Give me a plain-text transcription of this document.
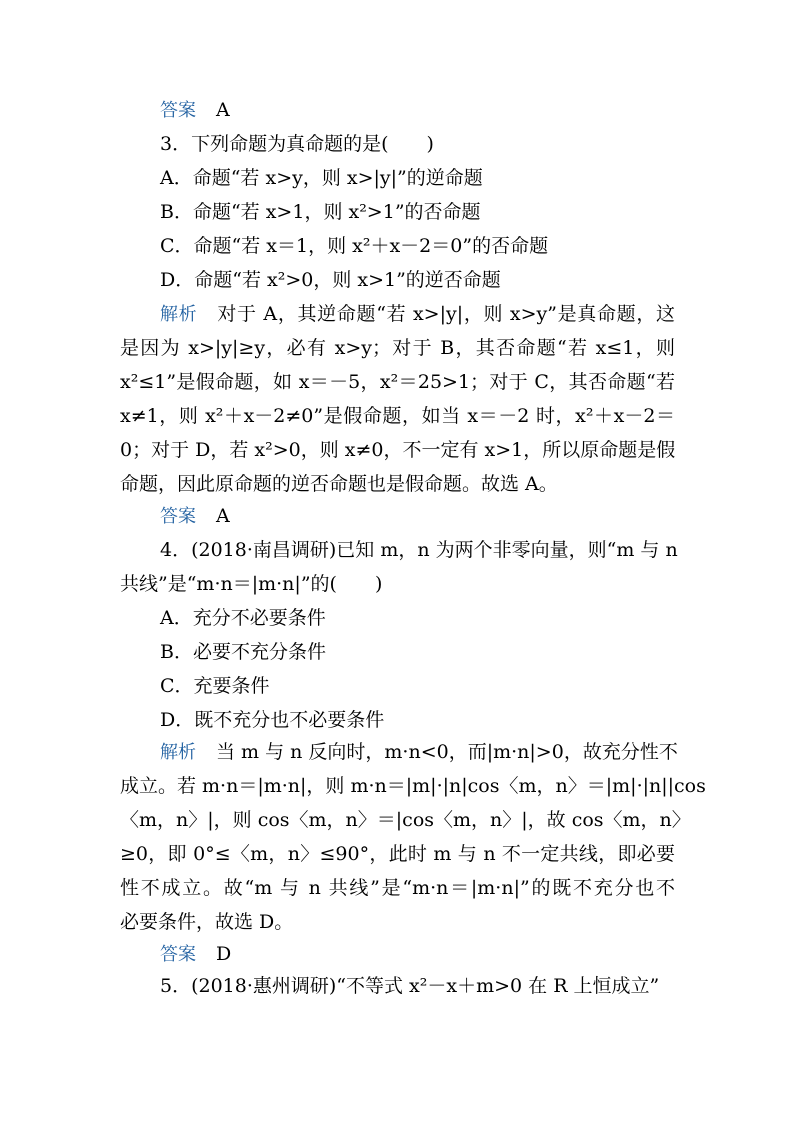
答案 A
3．下列命题为真命题的是(　　)
A．命题“若 x>y，则 x>|y|”的逆命题
B．命题“若 x>1，则 x²>1”的否命题
C．命题“若 x＝1，则 x²＋x－2＝0”的否命题
D．命题“若 x²>0，则 x>1”的逆否命题
解析 对于 A，其逆命题“若 x>|y|，则 x>y”是真命题，这
是因为 x>|y|≥y，必有 x>y；对于 B，其否命题“若 x≤1，则
x²≤1”是假命题，如 x＝－5，x²＝25>1；对于 C，其否命题“若
x≠1，则 x²＋x－2≠0”是假命题，如当 x＝－2 时，x²＋x－2＝
0；对于 D，若 x²>0，则 x≠0，不一定有 x>1，所以原命题是假
命题，因此原命题的逆否命题也是假命题。故选 A。
答案 A
4．(2018·南昌调研)已知 m，n 为两个非零向量，则“m 与 n
共线”是“m·n＝|m·n|”的(　　)
A．充分不必要条件
B．必要不充分条件
C．充要条件
D．既不充分也不必要条件
解析 当 m 与 n 反向时，m·n<0，而|m·n|>0，故充分性不
成立。若 m·n＝|m·n|，则 m·n＝|m|·|n|cos〈m，n〉＝|m|·|n||cos
〈m，n〉|，则 cos〈m，n〉＝|cos〈m，n〉|，故 cos〈m，n〉
≥0，即 0°≤〈m，n〉≤90°，此时 m 与 n 不一定共线，即必要
性不成立。故“m 与 n 共线”是“m·n＝|m·n|”的既不充分也不
必要条件，故选 D。
答案 D
5．(2018·惠州调研)“不等式 x²－x＋m>0 在 R 上恒成立”
